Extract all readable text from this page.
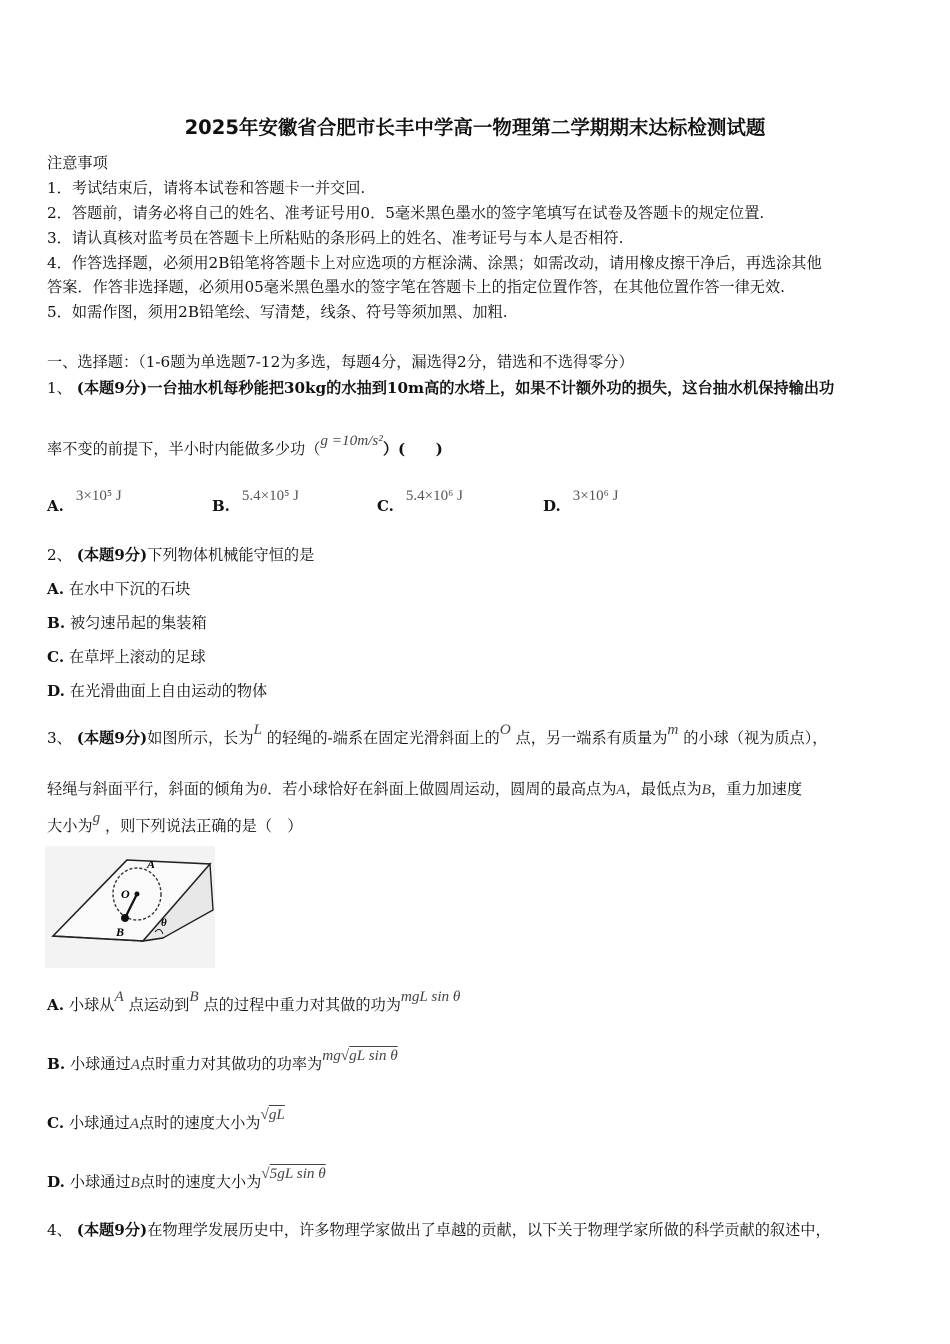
2025年安徽省合肥市长丰中学高一物理第二学期期末达标检测试题
注意事项
1．考试结束后，请将本试卷和答题卡一并交回.
2．答题前，请务必将自己的姓名、准考证号用0．5毫米黑色墨水的签字笔填写在试卷及答题卡的规定位置.
3．请认真核对监考员在答题卡上所粘贴的条形码上的姓名、准考证号与本人是否相符.
4．作答选择题，必须用2B铅笔将答题卡上对应选项的方框涂满、涂黑；如需改动，请用橡皮擦干净后，再选涂其他
答案．作答非选择题，必须用05毫米黑色墨水的签字笔在答题卡上的指定位置作答，在其他位置作答一律无效.
5．如需作图，须用2B铅笔绘、写清楚，线条、符号等须加黑、加粗.
一、选择题：（1-6题为单选题7-12为多选，每题4分，漏选得2分，错选和不选得零分）
1、 (本题9分)一台抽水机每秒能把30kg的水抽到10m高的水塔上，如果不计额外功的损失，这台抽水机保持输出功
率不变的前提下，半小时内能做多少功（g =10m/s²）(　　)
A.3×10⁵ J
B.5.4×10⁵ J
C.5.4×10⁶ J
D.3×10⁶ J
2、 (本题9分)下列物体机械能守恒的是
A. 在水中下沉的石块
B. 被匀速吊起的集装箱
C. 在草坪上滚动的足球
D. 在光滑曲面上自由运动的物体
3、 (本题9分)如图所示，长为L 的轻绳的-端系在固定光滑斜面上的O 点，另一端系有质量为m 的小球（视为质点），
轻绳与斜面平行，斜面的倾角为θ．若小球恰好在斜面上做圆周运动，圆周的最高点为A，最低点为B，重力加速度
大小为g ，则下列说法正确的是（　）
A
O
B
θ
A. 小球从A 点运动到B 点的过程中重力对其做的功为mgL sin θ
B. 小球通过A点时重力对其做功的功率为mg√gL sin θ
C. 小球通过A点时的速度大小为√gL
D. 小球通过B点时的速度大小为√5gL sin θ
4、 (本题9分)在物理学发展历史中，许多物理学家做出了卓越的贡献，以下关于物理学家所做的科学贡献的叙述中，
